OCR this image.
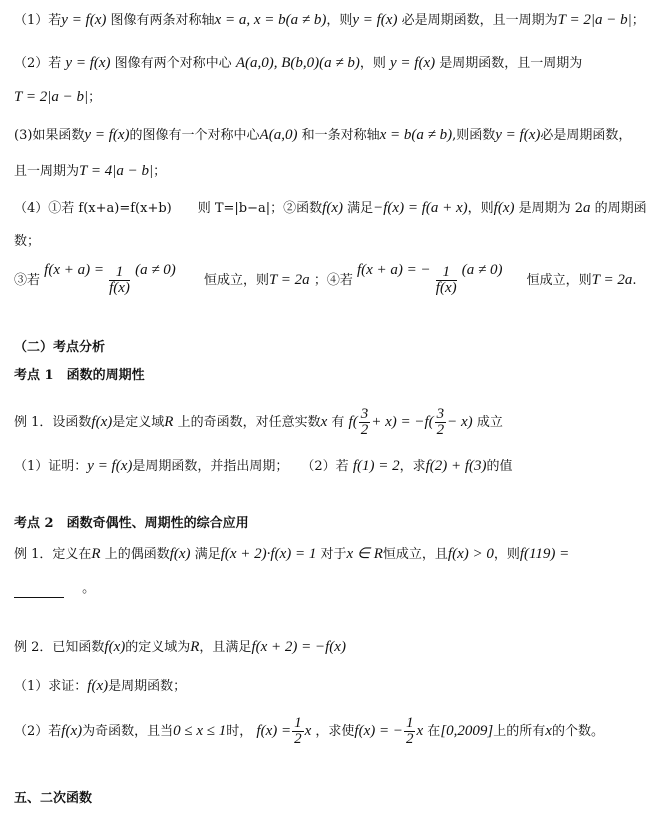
（1）若y = f(x) 图像有两条对称轴x = a, x = b(a ≠ b)，则y = f(x) 必是周期函数，且一周期为T = 2|a − b|；
（2）若 y = f(x) 图像有两个对称中心 A(a,0), B(b,0)(a ≠ b)，则 y = f(x) 是周期函数，且一周期为
T = 2|a − b|；
(3)如果函数y = f(x)的图像有一个对称中心A(a,0) 和一条对称轴x = b(a ≠ b),则函数y = f(x)必是周期函数，
且一周期为T = 4|a − b|；
（4）①若 f(x+a)=f(x+b)　　则 T=|b−a|；②函数f(x) 满足−f(x) = f(a + x)，则f(x) 是周期为 2a 的周期函
数；
③若 $f(x + a) = \frac{1}{f(x)} (a \ne 0)$ 恒成立，则T = 2a ；④若 f(x + a) = − $\frac{1}{f(x)} (a \ne 0)$ 恒成立，则T = 2a.
（二）考点分析
考点 1　函数的周期性
例 1．设函数f(x)是定义域R 上的奇函数，对任意实数x 有 $f( \frac{3}{2} + x) = -f( \frac{3}{2} - x)$ 成立
（1）证明：y = f(x)是周期函数，并指出周期；　　（2）若 f(1) = 2，求f(2) + f(3)的值
考点 2　函数奇偶性、周期性的综合应用
例 1．定义在R 上的偶函数f(x) 满足f(x + 2)·f(x) = 1 对于x ∈ R恒成立，且f(x) > 0，则f(119) =
。
例 2．已知函数f(x)的定义域为R，且满足f(x + 2) = −f(x)
（1）求证：f(x)是周期函数；
（2）若f(x)为奇函数，且当0 ≤ x ≤ 1时， $f(x) = \frac{1}{2}$ x ，求使f(x) = − $\frac{1}{2}$ x 在[0,2009]上的所有x的个数。
五、二次函数
